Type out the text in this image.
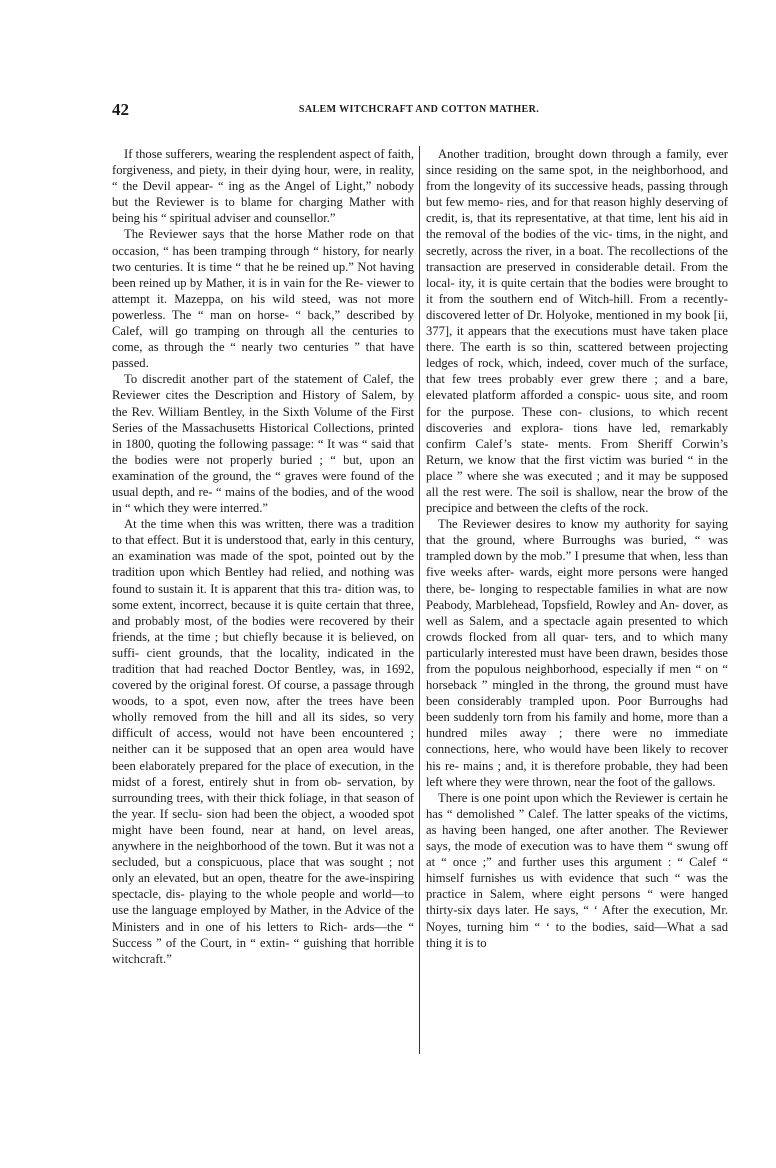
42	SALEM WITCHCRAFT AND COTTON MATHER.

If those sufferers, wearing the resplendent aspect of faith, forgiveness, and piety, in their dying hour, were, in reality, “ the Devil appear- “ ing as the Angel of Light,” nobody but the Reviewer is to blame for charging Mather with being his “ spiritual adviser and counsellor.”

The Reviewer says that the horse Mather rode on that occasion, “ has been tramping through “ history, for nearly two centuries. It is time “ that he be reined up.” Not having been reined up by Mather, it is in vain for the Re- viewer to attempt it. Mazeppa, on his wild steed, was not more powerless. The “ man on horse- “ back,” described by Calef, will go tramping on through all the centuries to come, as through the “ nearly two centuries ” that have passed.

To discredit another part of the statement of Calef, the Reviewer cites the Description and History of Salem, by the Rev. William Bentley, in the Sixth Volume of the First Series of the Massachusetts Historical Collections, printed in 1800, quoting the following passage: “ It was “ said that the bodies were not properly buried ; “ but, upon an examination of the ground, the “ graves were found of the usual depth, and re- “ mains of the bodies, and of the wood in “ which they were interred.”

At the time when this was written, there was a tradition to that effect. But it is understood that, early in this century, an examination was made of the spot, pointed out by the tradition upon which Bentley had relied, and nothing was found to sustain it. It is apparent that this tra- dition was, to some extent, incorrect, because it is quite certain that three, and probably most, of the bodies were recovered by their friends, at the time ; but chiefly because it is believed, on suffi- cient grounds, that the locality, indicated in the tradition that had reached Doctor Bentley, was, in 1692, covered by the original forest. Of course, a passage through woods, to a spot, even now, after the trees have been wholly removed from the hill and all its sides, so very difficult of access, would not have been encountered ; neither can it be supposed that an open area would have been elaborately prepared for the place of execution, in the midst of a forest, entirely shut in from ob- servation, by surrounding trees, with their thick foliage, in that season of the year. If seclu- sion had been the object, a wooded spot might have been found, near at hand, on level areas, anywhere in the neighborhood of the town. But it was not a secluded, but a conspicuous, place that was sought ; not only an elevated, but an open, theatre for the awe-inspiring spectacle, dis- playing to the whole people and world—to use the language employed by Mather, in the Advice of the Ministers and in one of his letters to Rich- ards—the “ Success ” of the Court, in “ extin- “ guishing that horrible witchcraft.”

Another tradition, brought down through a family, ever since residing on the same spot, in the neighborhood, and from the longevity of its successive heads, passing through but few memo- ries, and for that reason highly deserving of credit, is, that its representative, at that time, lent his aid in the removal of the bodies of the vic- tims, in the night, and secretly, across the river, in a boat. The recollections of the transaction are preserved in considerable detail. From the local- ity, it is quite certain that the bodies were brought to it from the southern end of Witch-hill. From a recently-discovered letter of Dr. Holyoke, mentioned in my book [ii, 377], it appears that the executions must have taken place there. The earth is so thin, scattered between projecting ledges of rock, which, indeed, cover much of the surface, that few trees probably ever grew there ; and a bare, elevated platform afforded a conspic- uous site, and room for the purpose. These con- clusions, to which recent discoveries and explora- tions have led, remarkably confirm Calef’s state- ments. From Sheriff Corwin’s Return, we know that the first victim was buried “ in the place ” where she was executed ; and it may be supposed all the rest were. The soil is shallow, near the brow of the precipice and between the clefts of the rock.

The Reviewer desires to know my authority for saying that the ground, where Burroughs was buried, “ was trampled down by the mob.” I presume that when, less than five weeks after- wards, eight more persons were hanged there, be- longing to respectable families in what are now Peabody, Marblehead, Topsfield, Rowley and An- dover, as well as Salem, and a spectacle again presented to which crowds flocked from all quar- ters, and to which many particularly interested must have been drawn, besides those from the populous neighborhood, especially if men “ on “ horseback ” mingled in the throng, the ground must have been considerably trampled upon. Poor Burroughs had been suddenly torn from his family and home, more than a hundred miles away ; there were no immediate connections, here, who would have been likely to recover his re- mains ; and, it is therefore probable, they had been left where they were thrown, near the foot of the gallows.

There is one point upon which the Reviewer is certain he has “ demolished ” Calef. The latter speaks of the victims, as having been hanged, one after another. The Reviewer says, the mode of execution was to have them “ swung off at “ once ;” and further uses this argument : “ Calef “ himself furnishes us with evidence that such “ was the practice in Salem, where eight persons “ were hanged thirty-six days later. He says, “ ‘ After the execution, Mr. Noyes, turning him “ ‘ to the bodies, said—What a sad thing it is to
